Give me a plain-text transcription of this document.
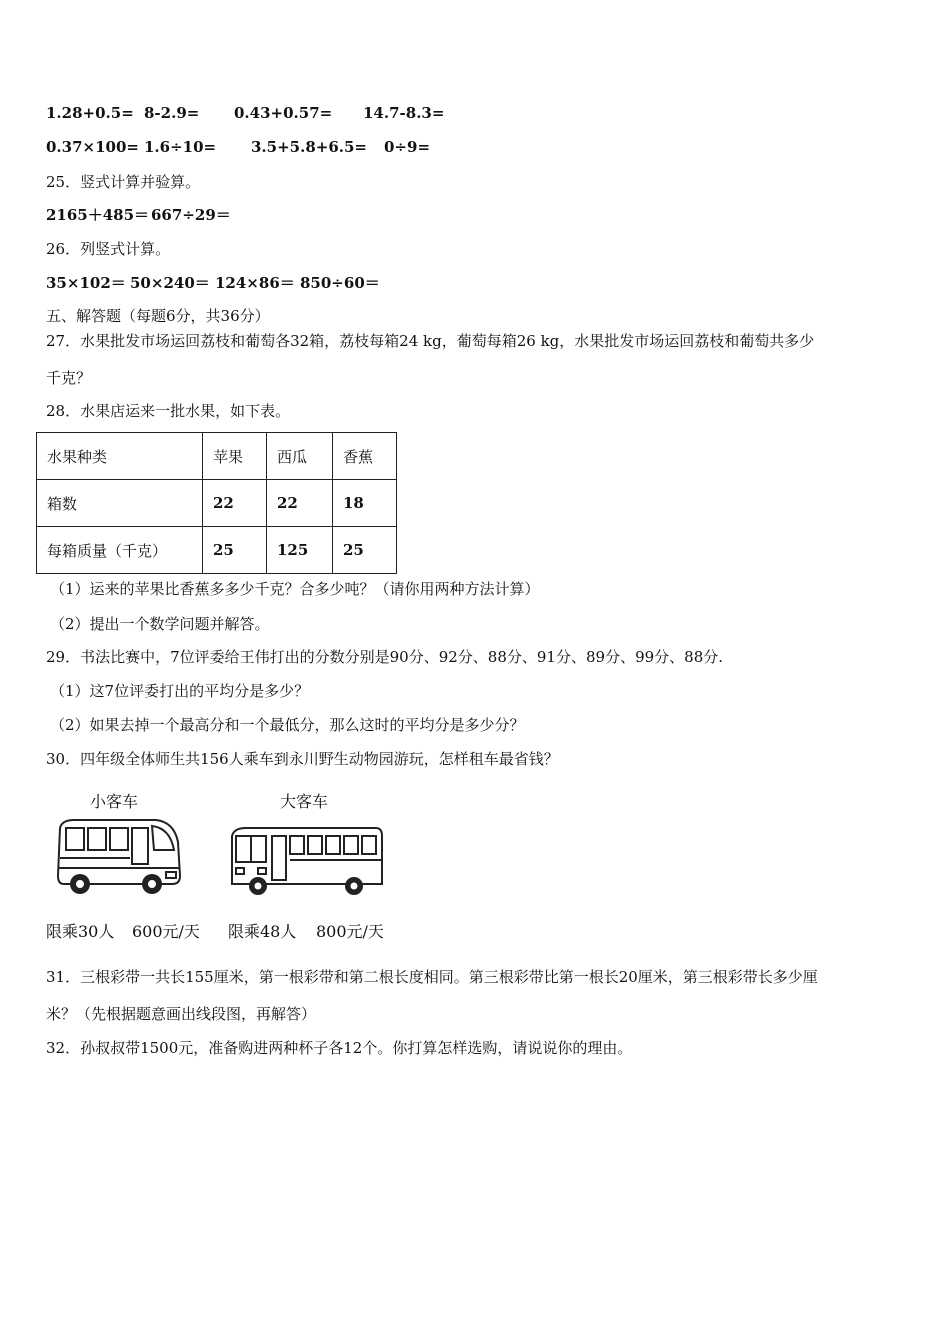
1.28+0.5= 8-2.9= 0.43+0.57= 14.7-8.3=
0.37×100= 1.6÷10= 3.5+5.8+6.5= 0÷9=
25．竖式计算并验算。
2165＋485＝ 667÷29＝
26．列竖式计算。
35×102＝ 50×240＝ 124×86＝ 850÷60＝
五、解答题（每题6分，共36分）
27．水果批发市场运回荔枝和葡萄各32箱，荔枝每箱24 kg，葡萄每箱26 kg，水果批发市场运回荔枝和葡萄共多少
千克？
28．水果店运来一批水果，如下表。
水果种类	苹果	西瓜	香蕉
箱数	22	22	18
每箱质量（千克）	25	125	25
（1）运来的苹果比香蕉多多少千克？合多少吨？（请你用两种方法计算）
（2）提出一个数学问题并解答。
29．书法比赛中，7位评委给王伟打出的分数分别是90分、92分、88分、91分、89分、99分、88分.
（1）这7位评委打出的平均分是多少？
（2）如果去掉一个最高分和一个最低分，那么这时的平均分是多少分？
30．四年级全体师生共156人乘车到永川野生动物园游玩，怎样租车最省钱？
小客车
限乘30人 600元/天
大客车
限乘48人 800元/天
31．三根彩带一共长155厘米，第一根彩带和第二根长度相同。第三根彩带比第一根长20厘米，第三根彩带长多少厘
米？（先根据题意画出线段图，再解答）
32．孙叔叔带1500元，准备购进两种杯子各12个。你打算怎样选购，请说说你的理由。
